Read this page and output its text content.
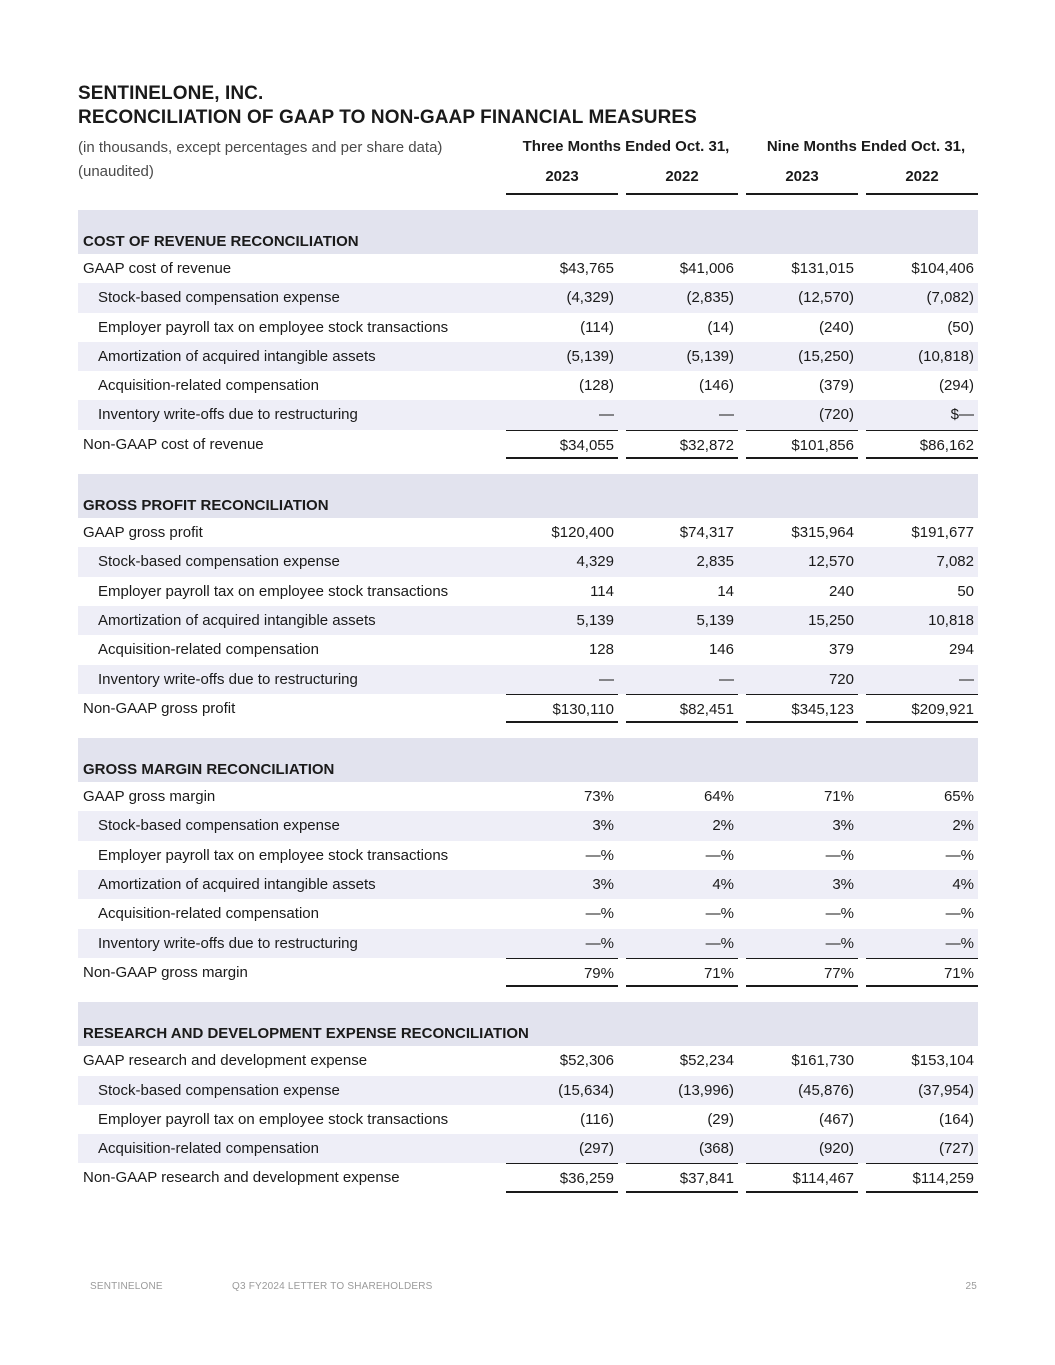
SENTINELONE, INC.
RECONCILIATION OF GAAP TO NON-GAAP FINANCIAL MEASURES
(in thousands, except percentages and per share data)
(unaudited)
Three Months Ended Oct. 31,	Nine Months Ended Oct. 31,
2023	2022	2023	2022
COST OF REVENUE RECONCILIATION
GAAP cost of revenue	$43,765	$41,006	$131,015	$104,406
Stock-based compensation expense	(4,329)	(2,835)	(12,570)	(7,082)
Employer payroll tax on employee stock transactions	(114)	(14)	(240)	(50)
Amortization of acquired intangible assets	(5,139)	(5,139)	(15,250)	(10,818)
Acquisition-related compensation	(128)	(146)	(379)	(294)
Inventory write-offs due to restructuring	—	—	(720)	$—
Non-GAAP cost of revenue	$34,055	$32,872	$101,856	$86,162
GROSS PROFIT RECONCILIATION
GAAP gross profit	$120,400	$74,317	$315,964	$191,677
Stock-based compensation expense	4,329	2,835	12,570	7,082
Employer payroll tax on employee stock transactions	114	14	240	50
Amortization of acquired intangible assets	5,139	5,139	15,250	10,818
Acquisition-related compensation	128	146	379	294
Inventory write-offs due to restructuring	—	—	720	—
Non-GAAP gross profit	$130,110	$82,451	$345,123	$209,921
GROSS MARGIN RECONCILIATION
GAAP gross margin	73%	64%	71%	65%
Stock-based compensation expense	3%	2%	3%	2%
Employer payroll tax on employee stock transactions	—%	—%	—%	—%
Amortization of acquired intangible assets	3%	4%	3%	4%
Acquisition-related compensation	—%	—%	—%	—%
Inventory write-offs due to restructuring	—%	—%	—%	—%
Non-GAAP gross margin	79%	71%	77%	71%
RESEARCH AND DEVELOPMENT EXPENSE RECONCILIATION
GAAP research and development expense	$52,306	$52,234	$161,730	$153,104
Stock-based compensation expense	(15,634)	(13,996)	(45,876)	(37,954)
Employer payroll tax on employee stock transactions	(116)	(29)	(467)	(164)
Acquisition-related compensation	(297)	(368)	(920)	(727)
Non-GAAP research and development expense	$36,259	$37,841	$114,467	$114,259
SENTINELONE	Q3 FY2024 LETTER TO SHAREHOLDERS	25
